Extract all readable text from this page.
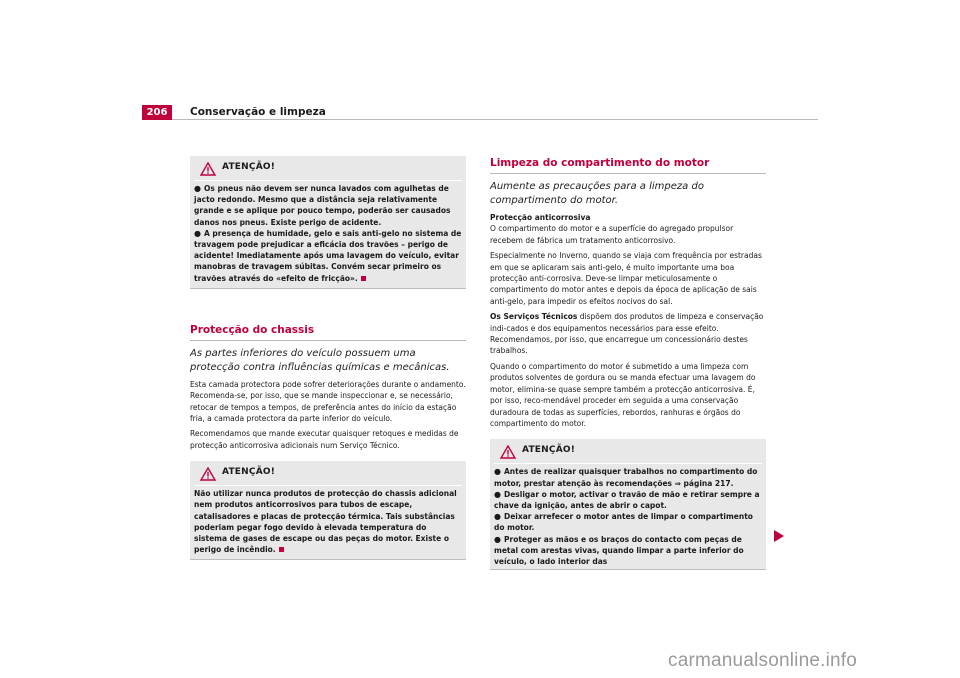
206	Conservação e limpeza
ATENÇÃO!

● Os pneus não devem ser nunca lavados com agulhetas de jacto redondo. Mesmo que a distância seja relativamente grande e se aplique por pouco tempo, poderão ser causados danos nos pneus. Existe perigo de acidente.

● A presença de humidade, gelo e sais anti-gelo no sistema de travagem pode prejudicar a eficácia dos travões – perigo de acidente! Imediatamente após uma lavagem do veículo, evitar manobras de travagem súbitas. Convém secar primeiro os travões através do «efeito de fricção».

Protecção do chassis

As partes inferiores do veículo possuem uma protecção contra influências químicas e mecânicas.

Esta camada protectora pode sofrer deteriorações durante o andamento. Recomenda-se, por isso, que se mande inspeccionar e, se necessário, retocar de tempos a tempos, de preferência antes do início da estação fria, a camada protectora da parte inferior do veículo.

Recomendamos que mande executar quaisquer retoques e medidas de protecção anticorrosiva adicionais num Serviço Técnico.

ATENÇÃO!

Não utilizar nunca produtos de protecção do chassis adicional nem produtos anticorrosivos para tubos de escape, catalisadores e placas de protecção térmica. Tais substâncias poderiam pegar fogo devido à elevada temperatura do sistema de gases de escape ou das peças do motor. Existe o perigo de incêndio.

Limpeza do compartimento do motor

Aumente as precauções para a limpeza do compartimento do motor.

Protecção anticorrosiva

O compartimento do motor e a superfície do agregado propulsor recebem de fábrica um tratamento anticorrosivo.

Especialmente no Inverno, quando se viaja com frequência por estradas em que se aplicaram sais anti-gelo, é muito importante uma boa protecção anti-corrosiva. Deve-se limpar meticulosamente o compartimento do motor antes e depois da época de aplicação de sais anti-gelo, para impedir os efeitos nocivos do sal.

Os Serviços Técnicos dispõem dos produtos de limpeza e conservação indi-cados e dos equipamentos necessários para esse efeito. Recomendamos, por isso, que encarregue um concessionário destes trabalhos.

Quando o compartimento do motor é submetido a uma limpeza com produtos solventes de gordura ou se manda efectuar uma lavagem do motor, elimina-se quase sempre também a protecção anticorrosiva. É, por isso, reco-mendável proceder em seguida a uma conservação duradoura de todas as superfícies, rebordos, ranhuras e órgãos do compartimento do motor.

ATENÇÃO!

● Antes de realizar quaisquer trabalhos no compartimento do motor, prestar atenção às recomendações ⇒ página 217.

● Desligar o motor, activar o travão de mão e retirar sempre a chave da ignição, antes de abrir o capot.

● Deixar arrefecer o motor antes de limpar o compartimento do motor.

● Proteger as mãos e os braços do contacto com peças de metal com arestas vivas, quando limpar a parte inferior do veículo, o lado interior das

carmanualsonline.info
